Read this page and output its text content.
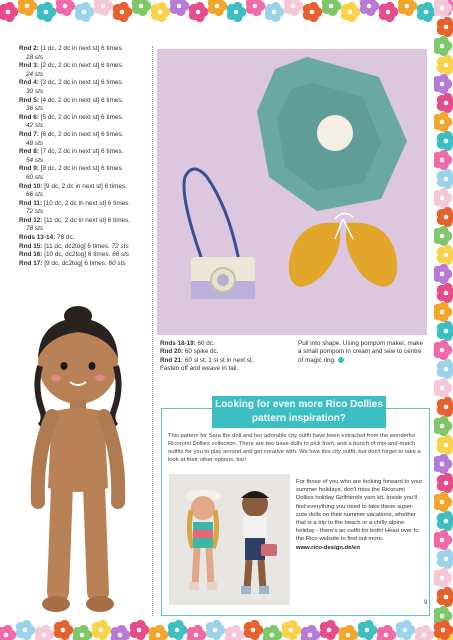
Rnd 2: [1 dc, 2 dc in next st] 6 times.
18 sts
Rnd 3: [2 dc, 2 dc in next st] 6 times.
24 sts
Rnd 4: [3 dc, 2 dc in next st] 6 times.
30 sts
Rnd 5: [4 dc, 2 dc in next st] 6 times.
36 sts
Rnd 6: [5 dc, 2 dc in next st] 6 times.
42 sts
Rnd 7: [6 dc, 2 dc in next st] 6 times.
48 sts
Rnd 8: [7 dc, 2 dc in next st] 6 times.
54 sts
Rnd 9: [8 dc, 2 dc in next st] 6 times.
60 sts
Rnd 10: [9 dc, 2 dc in next st] 6 times.
66 sts
Rnd 11: [10 dc, 2 dc in next st] 6 times.
72 sts
Rnd 12: [11 dc, 2 dc in next st] 6 times.
78 sts
Rnds 13-14: 78 dc.
Rnd 15: [11 dc, dc2tog] 6 times. 72 sts
Rnd 16: [10 dc, dc2tog] 6 times. 66 sts
Rnd 17: [9 dc, dc2tog] 6 times. 60 sts
Rnds 18-19: 60 dc.
Rnd 20: 60 spike dc.
Rnd 21: 60 sl st. 1 sl st in next st.
Fasten off and weave in tail.
Pull into shape. Using pompom maker, make a small pompom in cream and sew to centre of magic ring.
Looking for even more Rico Dollies
pattern inspiration?
This pattern for Sara the doll and her adorable city outfit have been extracted from the wonderful Ricorumi Dollies collection. There are two base dolls to pick from, and a bunch of mix-and-match outfits for you to play around and get creative with. We love this city outfit, but don't forget to take a look at their other options, too!
For those of you who are looking forward to your summer holidays, don't miss the Ricorumi Dollies holiday Girlfriends yarn kit. Inside you'll find everything you need to take these super-cute dolls on their summer vacations, whether that is a trip to the beach or a chilly alpine holiday - there's an outfit for both! Head over to the Rico website to find out more.
www.rico-design.de/en
9
